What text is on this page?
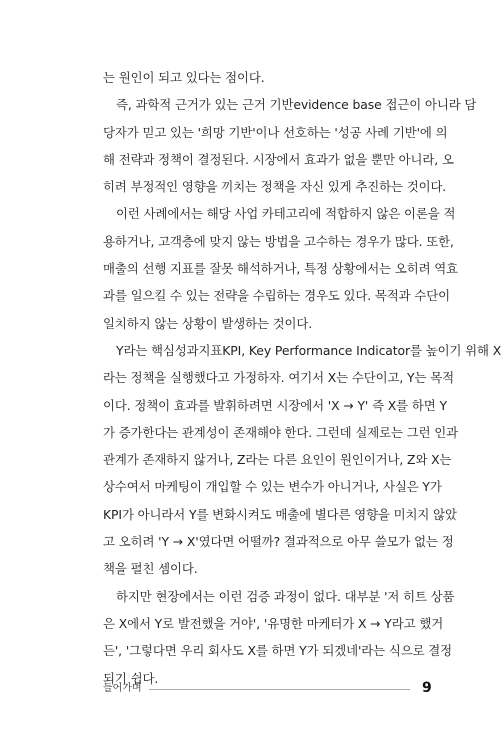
는 원인이 되고 있다는 점이다.
즉, 과학적 근거가 있는 근거 기반evidence base 접근이 아니라 담
당자가 믿고 있는 '희망 기반'이나 선호하는 '성공 사례 기반'에 의
해 전략과 정책이 결정된다. 시장에서 효과가 없을 뿐만 아니라, 오
히려 부정적인 영향을 끼치는 정책을 자신 있게 추진하는 것이다.
이런 사례에서는 해당 사업 카테고리에 적합하지 않은 이론을 적
용하거나, 고객층에 맞지 않는 방법을 고수하는 경우가 많다. 또한,
매출의 선행 지표를 잘못 해석하거나, 특정 상황에서는 오히려 역효
과를 일으킬 수 있는 전략을 수립하는 경우도 있다. 목적과 수단이
일치하지 않는 상황이 발생하는 것이다.
Y라는 핵심성과지표KPI, Key Performance Indicator를 높이기 위해 X
라는 정책을 실행했다고 가정하자. 여기서 X는 수단이고, Y는 목적
이다. 정책이 효과를 발휘하려면 시장에서 'X → Y' 즉 X를 하면 Y
가 증가한다는 관계성이 존재해야 한다. 그런데 실제로는 그런 인과
관계가 존재하지 않거나, Z라는 다른 요인이 원인이거나, Z와 X는
상수여서 마케팅이 개입할 수 있는 변수가 아니거나, 사실은 Y가
KPI가 아니라서 Y를 변화시켜도 매출에 별다른 영향을 미치지 않았
고 오히려 'Y → X'였다면 어떨까? 결과적으로 아무 쓸모가 없는 정
책을 펼친 셈이다.
하지만 현장에서는 이런 검증 과정이 없다. 대부분 '저 히트 상품
은 X에서 Y로 발전했을 거야', '유명한 마케터가 X → Y라고 했거
든', '그렇다면 우리 회사도 X를 하면 Y가 되겠네'라는 식으로 결정
되기 쉽다.
들어가며	9
